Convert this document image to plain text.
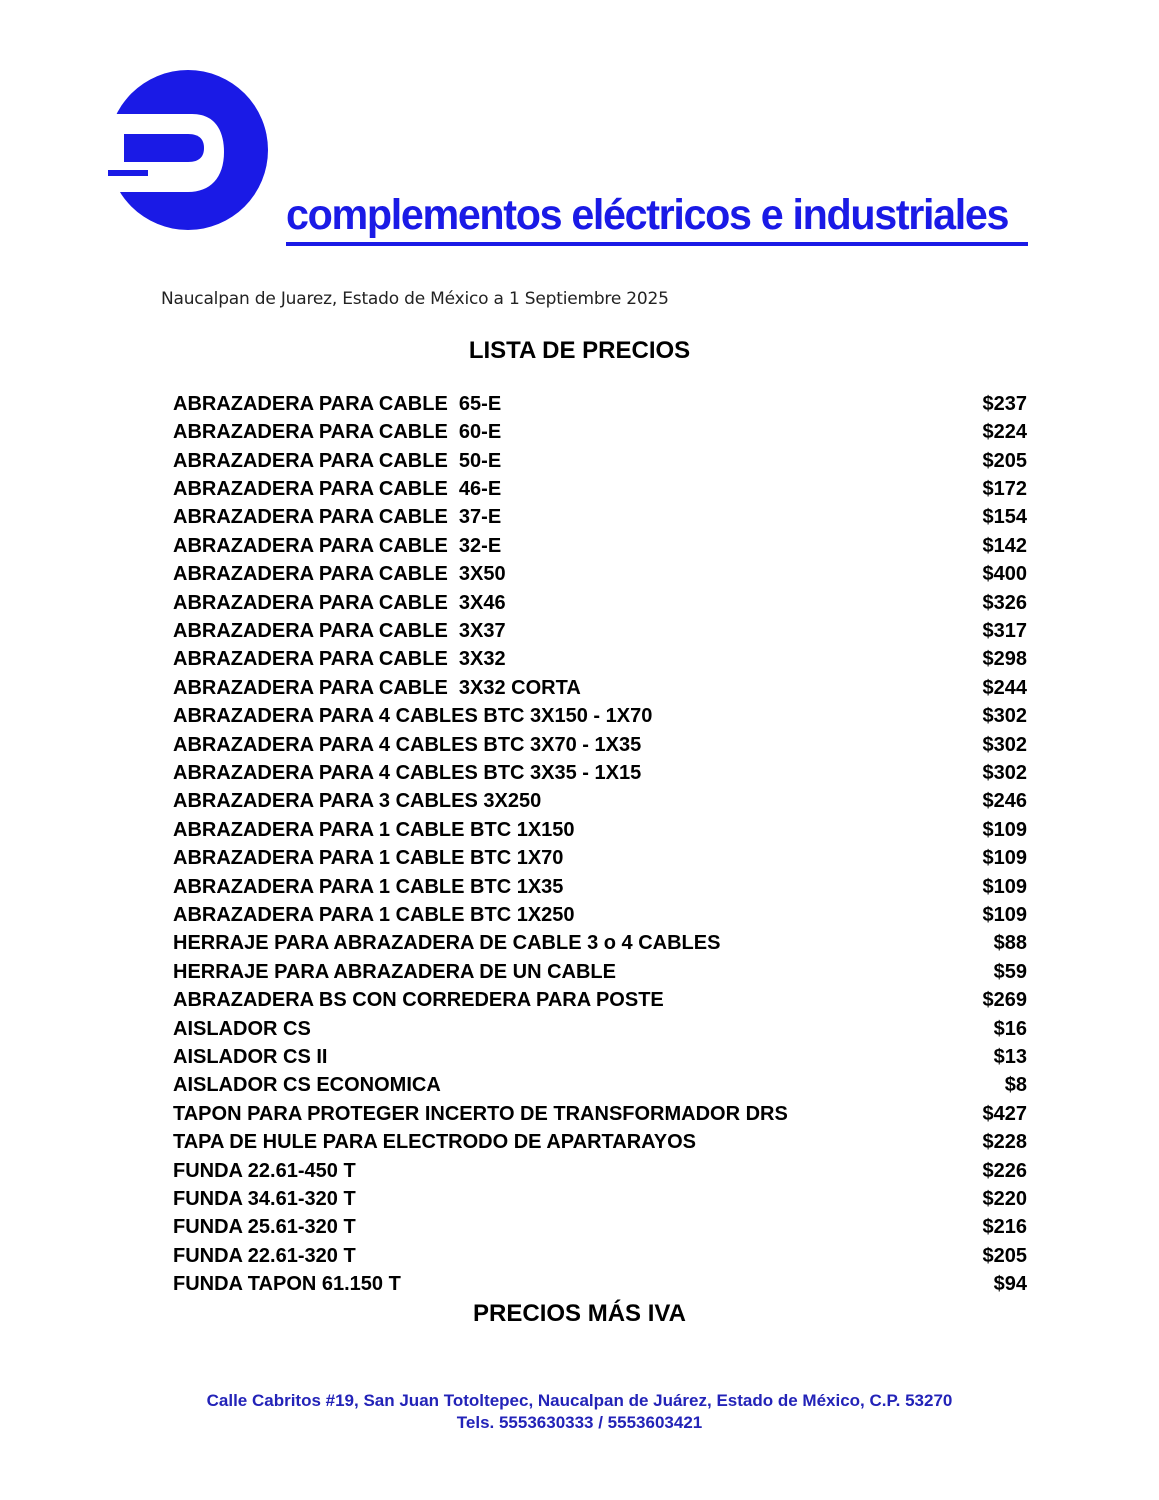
complementos eléctricos e industriales
Naucalpan de Juarez, Estado de México a 1 Septiembre 2025
LISTA DE PRECIOS
ABRAZADERA PARA CABLE  65-E	$237
ABRAZADERA PARA CABLE  60-E	$224
ABRAZADERA PARA CABLE  50-E	$205
ABRAZADERA PARA CABLE  46-E	$172
ABRAZADERA PARA CABLE  37-E	$154
ABRAZADERA PARA CABLE  32-E	$142
ABRAZADERA PARA CABLE  3X50	$400
ABRAZADERA PARA CABLE  3X46	$326
ABRAZADERA PARA CABLE  3X37	$317
ABRAZADERA PARA CABLE  3X32	$298
ABRAZADERA PARA CABLE  3X32 CORTA	$244
ABRAZADERA PARA 4 CABLES BTC 3X150 - 1X70	$302
ABRAZADERA PARA 4 CABLES BTC 3X70 - 1X35	$302
ABRAZADERA PARA 4 CABLES BTC 3X35 - 1X15	$302
ABRAZADERA PARA 3 CABLES 3X250	$246
ABRAZADERA PARA 1 CABLE BTC 1X150	$109
ABRAZADERA PARA 1 CABLE BTC 1X70	$109
ABRAZADERA PARA 1 CABLE BTC 1X35	$109
ABRAZADERA PARA 1 CABLE BTC 1X250	$109
HERRAJE PARA ABRAZADERA DE CABLE 3 o 4 CABLES	$88
HERRAJE PARA ABRAZADERA DE UN CABLE	$59
ABRAZADERA BS CON CORREDERA PARA POSTE	$269
AISLADOR CS	$16
AISLADOR CS II	$13
AISLADOR CS ECONOMICA	$8
TAPON PARA PROTEGER INCERTO DE TRANSFORMADOR DRS	$427
TAPA DE HULE PARA ELECTRODO DE APARTARAYOS	$228
FUNDA 22.61-450 T	$226
FUNDA 34.61-320 T	$220
FUNDA 25.61-320 T	$216
FUNDA 22.61-320 T	$205
FUNDA TAPON 61.150 T	$94
PRECIOS MÁS IVA
Calle Cabritos #19, San Juan Totoltepec, Naucalpan de Juárez, Estado de México, C.P. 53270
Tels. 5553630333 / 5553603421
